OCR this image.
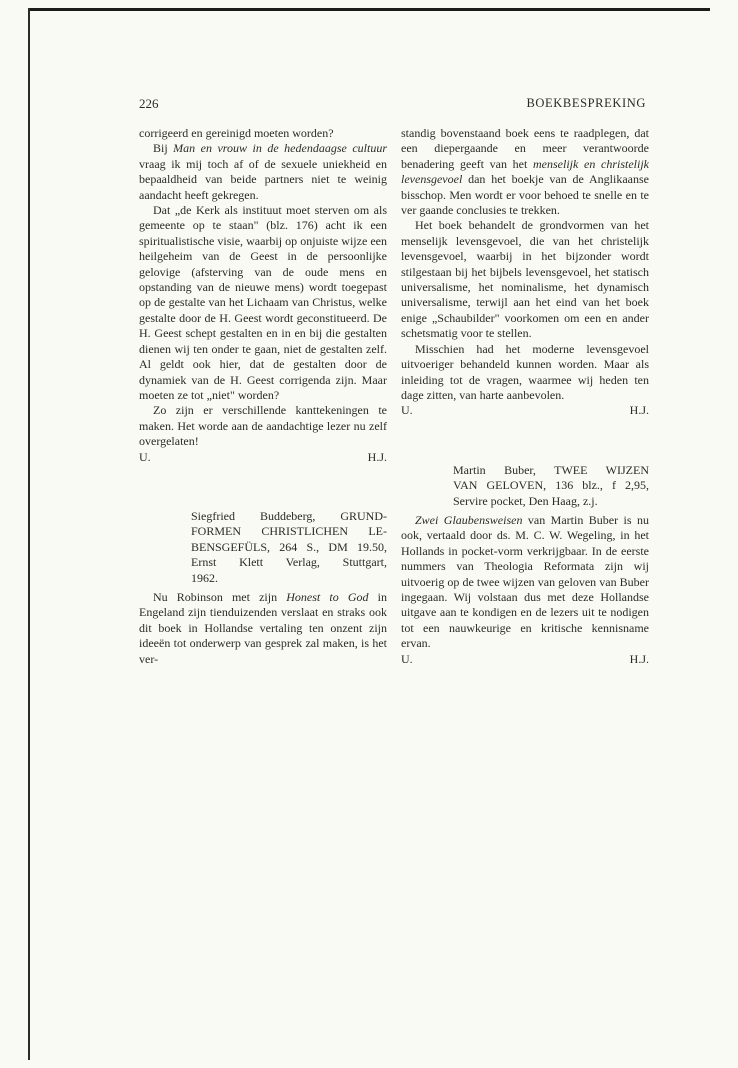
226	BOEKBESPREKING

corrigeerd en gereinigd moeten worden?

Bij Man en vrouw in de hedendaagse cultuur vraag ik mij toch af of de sexuele uniekheid en bepaaldheid van beide partners niet te weinig aandacht heeft gekregen.

Dat „de Kerk als instituut moet sterven om als gemeente op te staan" (blz. 176) acht ik een spiritualistische visie, waarbij op onjuiste wijze een heilgeheim van de Geest in de persoonlijke gelovige (afsterving van de oude mens en opstanding van de nieuwe mens) wordt toegepast op de gestalte van het Lichaam van Christus, welke gestalte door de H. Geest wordt geconstitueerd. De H. Geest schept gestalten en in en bij die gestalten dienen wij ten onder te gaan, niet de gestalten zelf. Al geldt ook hier, dat de gestalten door de dynamiek van de H. Geest corrigenda zijn. Maar moeten ze tot „niet" worden?

Zo zijn er verschillende kanttekeningen te maken. Het worde aan de aandachtige lezer nu zelf overgelaten!

U.	H.J.
Siegfried Buddeberg, GRUND-
FORMEN CHRISTLICHEN LE-
BENSGEFÜLS, 264 S., DM 19.50,
Ernst Klett Verlag, Stuttgart,
1962.

Nu Robinson met zijn Honest to God in Engeland zijn tienduizenden verslaat en straks ook dit boek in Hollandse vertaling ten onzent zijn ideeën tot onderwerp van gesprek zal maken, is het ver-

standig bovenstaand boek eens te raadplegen, dat een diepergaande en meer verantwoorde benadering geeft van het menselijk en christelijk levensgevoel dan het boekje van de Anglikaanse bisschop. Men wordt er voor behoed te snelle en te ver gaande conclusies te trekken.

Het boek behandelt de grondvormen van het menselijk levensgevoel, die van het christelijk levensgevoel, waarbij in het bijzonder wordt stilgestaan bij het bijbels levensgevoel, het statisch universalisme, het nominalisme, het dynamisch universalisme, terwijl aan het eind van het boek enige „Schaubilder" voorkomen om een en ander schetsmatig voor te stellen.

Misschien had het moderne levensgevoel uitvoeriger behandeld kunnen worden. Maar als inleiding tot de vragen, waarmee wij heden ten dage zitten, van harte aanbevolen.

U.	H.J.
Martin Buber, TWEE WIJZEN
VAN GELOVEN, 136 blz., f 2,95,
Servire pocket, Den Haag, z.j.

Zwei Glaubensweisen van Martin Buber is nu ook, vertaald door ds. M. C. W. Wegeling, in het Hollands in pocket-vorm verkrijgbaar. In de eerste nummers van Theologia Reformata zijn wij uitvoerig op de twee wijzen van geloven van Buber ingegaan. Wij volstaan dus met deze Hollandse uitgave aan te kondigen en de lezers uit te nodigen tot een nauwkeurige en kritische kennisname ervan.

U.	H.J.
